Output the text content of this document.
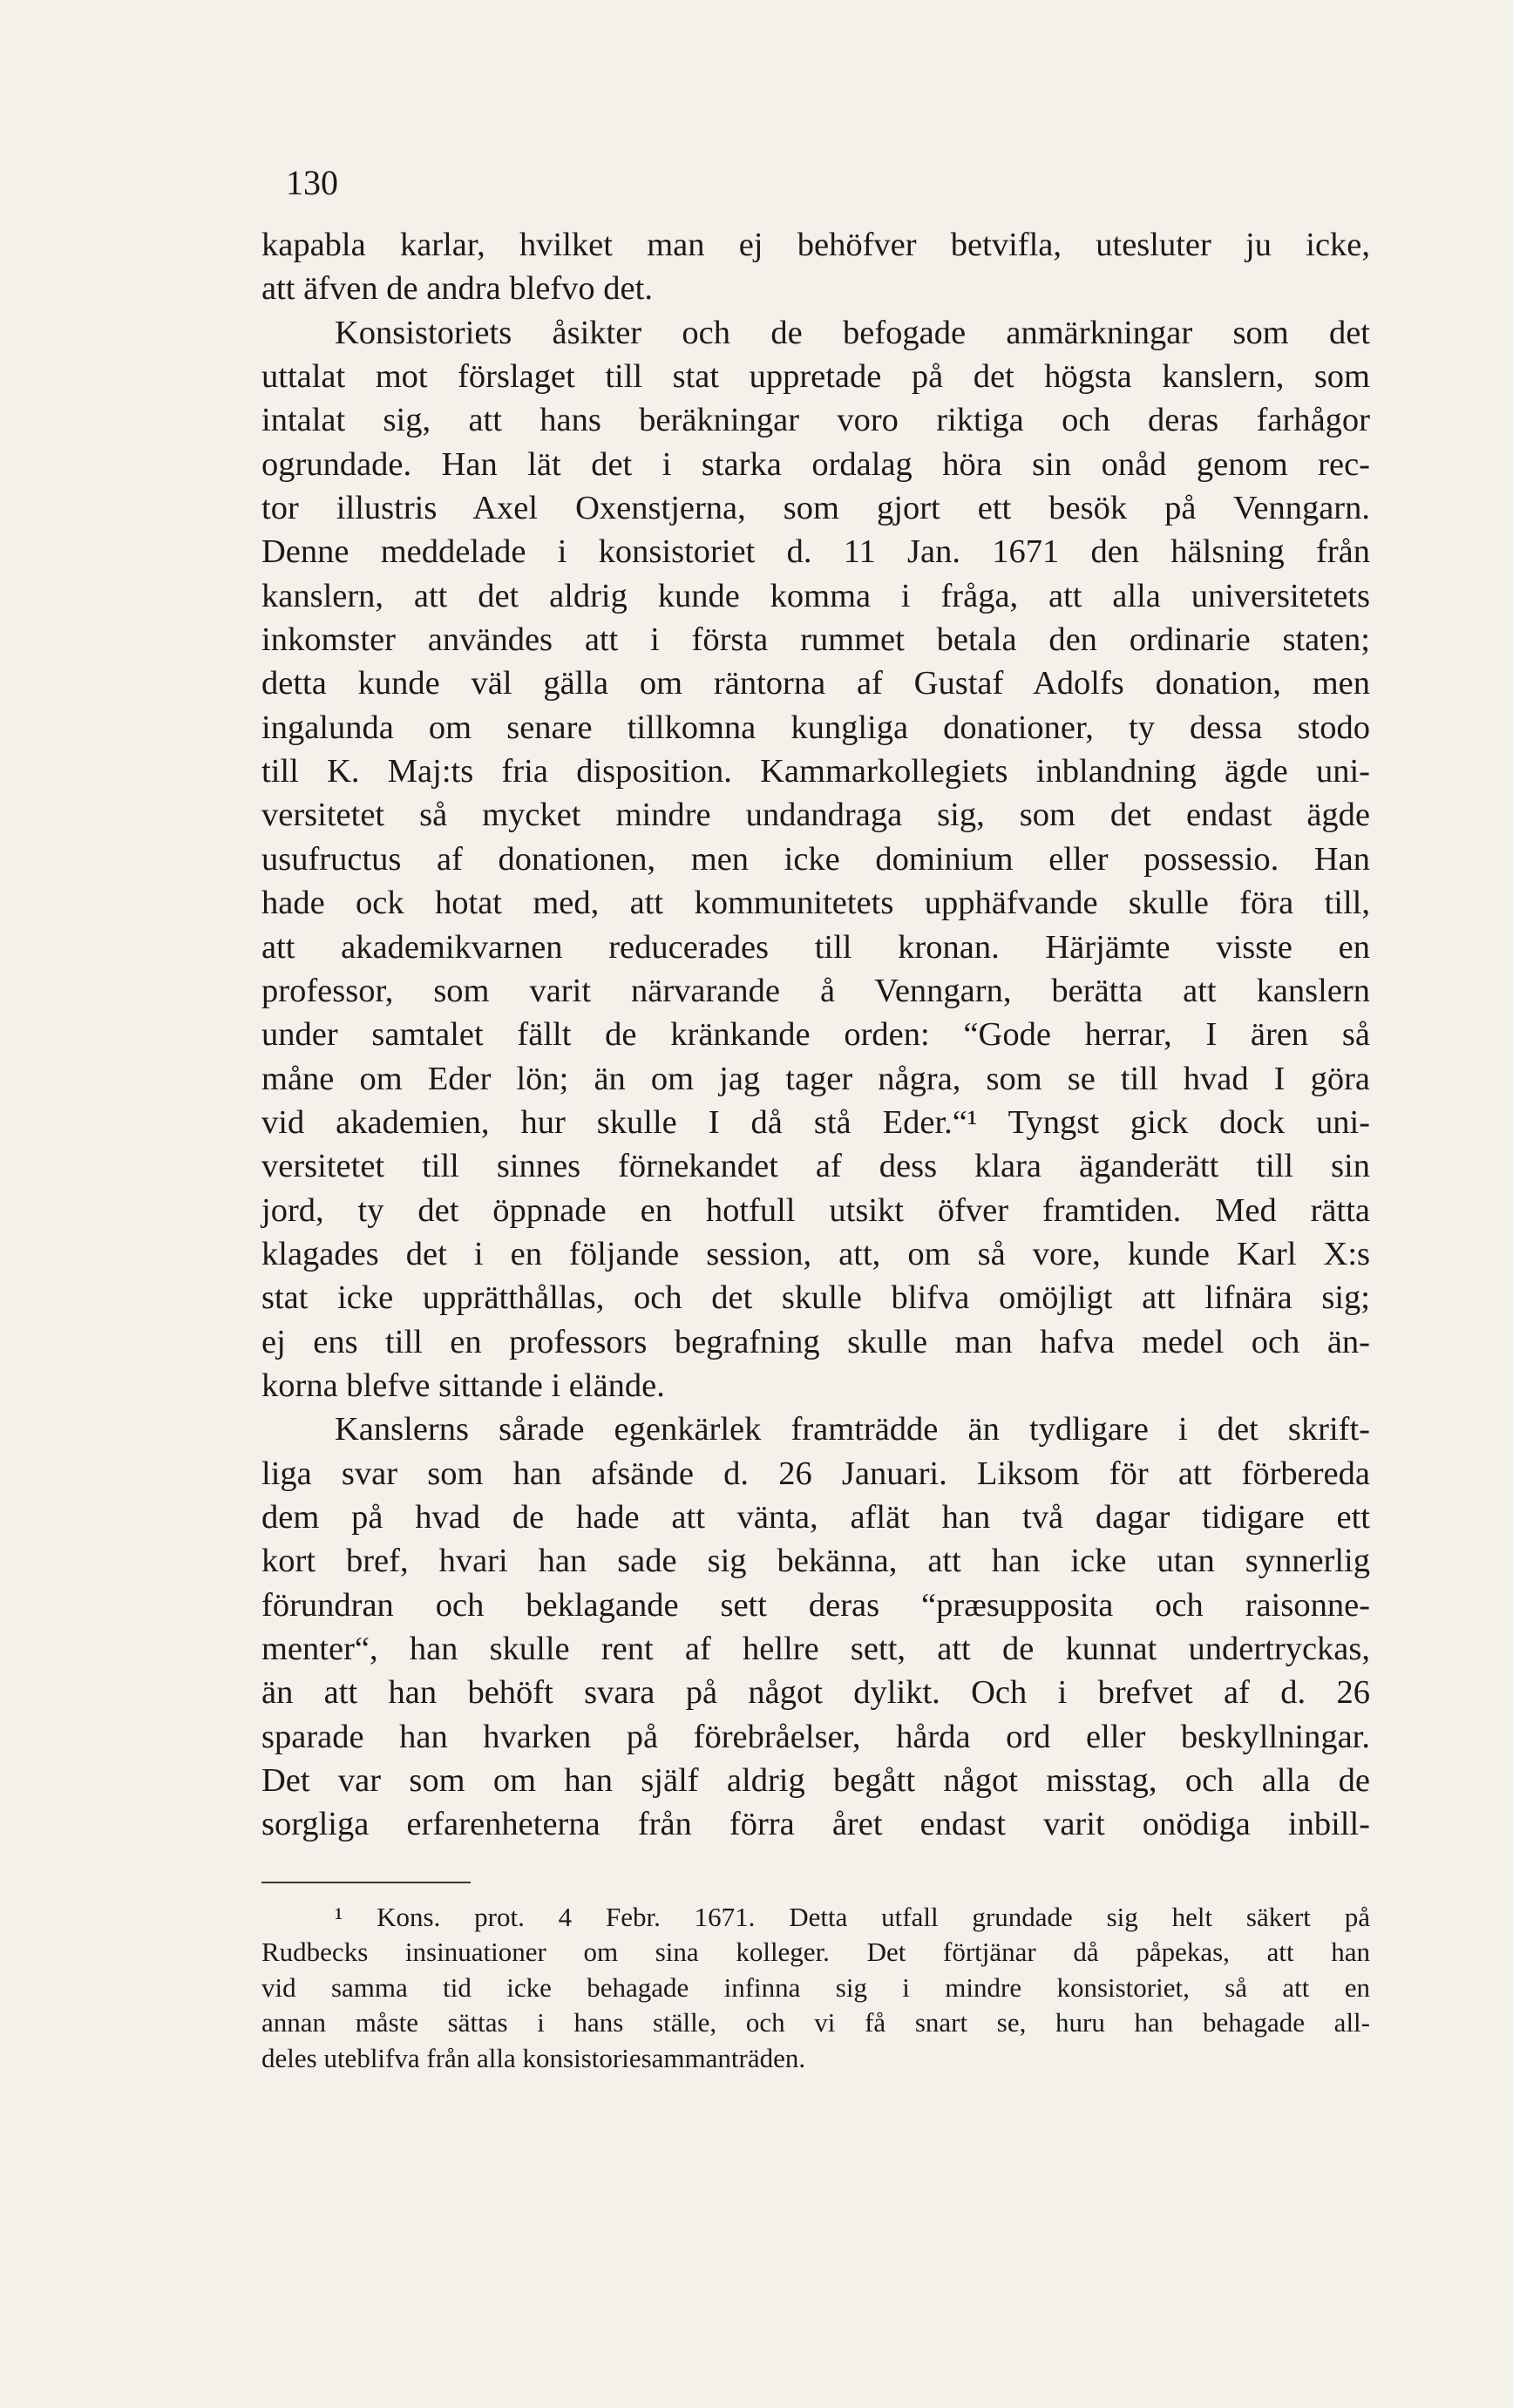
130
kapabla karlar, hvilket man ej behöfver betvifla, utesluter ju icke,
att äfven de andra blefvo det.
Konsistoriets åsikter och de befogade anmärkningar som det
uttalat mot förslaget till stat uppretade på det högsta kanslern, som
intalat sig, att hans beräkningar voro riktiga och deras farhågor
ogrundade. Han lät det i starka ordalag höra sin onåd genom rec-
tor illustris Axel Oxenstjerna, som gjort ett besök på Venngarn.
Denne meddelade i konsistoriet d. 11 Jan. 1671 den hälsning från
kanslern, att det aldrig kunde komma i fråga, att alla universitetets
inkomster användes att i första rummet betala den ordinarie staten;
detta kunde väl gälla om räntorna af Gustaf Adolfs donation, men
ingalunda om senare tillkomna kungliga donationer, ty dessa stodo
till K. Maj:ts fria disposition. Kammarkollegiets inblandning ägde uni-
versitetet så mycket mindre undandraga sig, som det endast ägde
usufructus af donationen, men icke dominium eller possessio. Han
hade ock hotat med, att kommunitetets upphäfvande skulle föra till,
att akademikvarnen reducerades till kronan. Härjämte visste en
professor, som varit närvarande å Venngarn, berätta att kanslern
under samtalet fällt de kränkande orden: “Gode herrar, I ären så
måne om Eder lön; än om jag tager några, som se till hvad I göra
vid akademien, hur skulle I då stå Eder.“¹ Tyngst gick dock uni-
versitetet till sinnes förnekandet af dess klara äganderätt till sin
jord, ty det öppnade en hotfull utsikt öfver framtiden. Med rätta
klagades det i en följande session, att, om så vore, kunde Karl X:s
stat icke upprätthållas, och det skulle blifva omöjligt att lifnära sig;
ej ens till en professors begrafning skulle man hafva medel och än-
korna blefve sittande i elände.
Kanslerns sårade egenkärlek framträdde än tydligare i det skrift-
liga svar som han afsände d. 26 Januari. Liksom för att förbereda
dem på hvad de hade att vänta, aflät han två dagar tidigare ett
kort bref, hvari han sade sig bekänna, att han icke utan synnerlig
förundran och beklagande sett deras “præsupposita och raisonne-
menter“, han skulle rent af hellre sett, att de kunnat undertryckas,
än att han behöft svara på något dylikt. Och i brefvet af d. 26
sparade han hvarken på förebråelser, hårda ord eller beskyllningar.
Det var som om han själf aldrig begått något misstag, och alla de
sorgliga erfarenheterna från förra året endast varit onödiga inbill-
¹ Kons. prot. 4 Febr. 1671. Detta utfall grundade sig helt säkert på
Rudbecks insinuationer om sina kolleger. Det förtjänar då påpekas, att han
vid samma tid icke behagade infinna sig i mindre konsistoriet, så att en
annan måste sättas i hans ställe, och vi få snart se, huru han behagade all-
deles uteblifva från alla konsistoriesammanträden.
